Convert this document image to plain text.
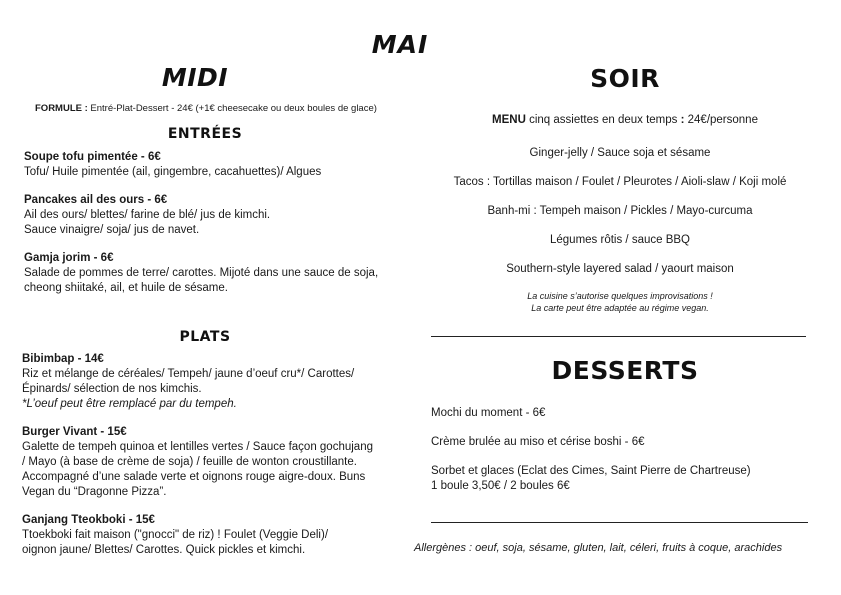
MAI
MIDI
FORMULE : Entré-Plat-Dessert - 24€ (+1€ cheesecake ou deux boules de glace)
ENTRÉES
Soupe tofu pimentée - 6€
Tofu/ Huile pimentée (ail, gingembre, cacahuettes)/ Algues
Pancakes ail des ours - 6€
Ail des ours/ blettes/ farine de blé/ jus de kimchi.
Sauce vinaigre/ soja/ jus de navet.
Gamja jorim - 6€
Salade de pommes de terre/ carottes. Mijoté dans une sauce de soja,
cheong shiitaké, ail, et huile de sésame.
PLATS
Bibimbap - 14€
Riz et mélange de céréales/ Tempeh/ jaune d’oeuf cru*/ Carottes/
Épinards/ sélection de nos kimchis.
*L’oeuf peut être remplacé par du tempeh.
Burger Vivant - 15€
Galette de tempeh quinoa et lentilles vertes / Sauce façon gochujang
/ Mayo (à base de crème de soja) / feuille de wonton croustillante.
Accompagné d’une salade verte et oignons rouge aigre-doux. Buns
Vegan du “Dragonne Pizza”.
Ganjang Tteokboki - 15€
Ttoekboki fait maison ("gnocci" de riz) ! Foulet (Veggie Deli)/
oignon jaune/ Blettes/ Carottes. Quick pickles et kimchi.
SOIR
MENU cinq assiettes en deux temps : 24€/personne
Ginger-jelly / Sauce soja et sésame
Tacos : Tortillas maison / Foulet / Pleurotes / Aioli-slaw / Koji molé
Banh-mi : Tempeh maison / Pickles / Mayo-curcuma
Légumes rôtis / sauce BBQ
Southern-style layered salad / yaourt maison
La cuisine s’autorise quelques improvisations !
La carte peut être adaptée au régime vegan.
DESSERTS
Mochi du moment - 6€
Crème brulée au miso et cérise boshi - 6€
Sorbet et glaces (Eclat des Cimes, Saint Pierre de Chartreuse)
1 boule 3,50€ / 2 boules 6€
Allergènes : oeuf, soja, sésame, gluten, lait, céleri, fruits à coque, arachides
